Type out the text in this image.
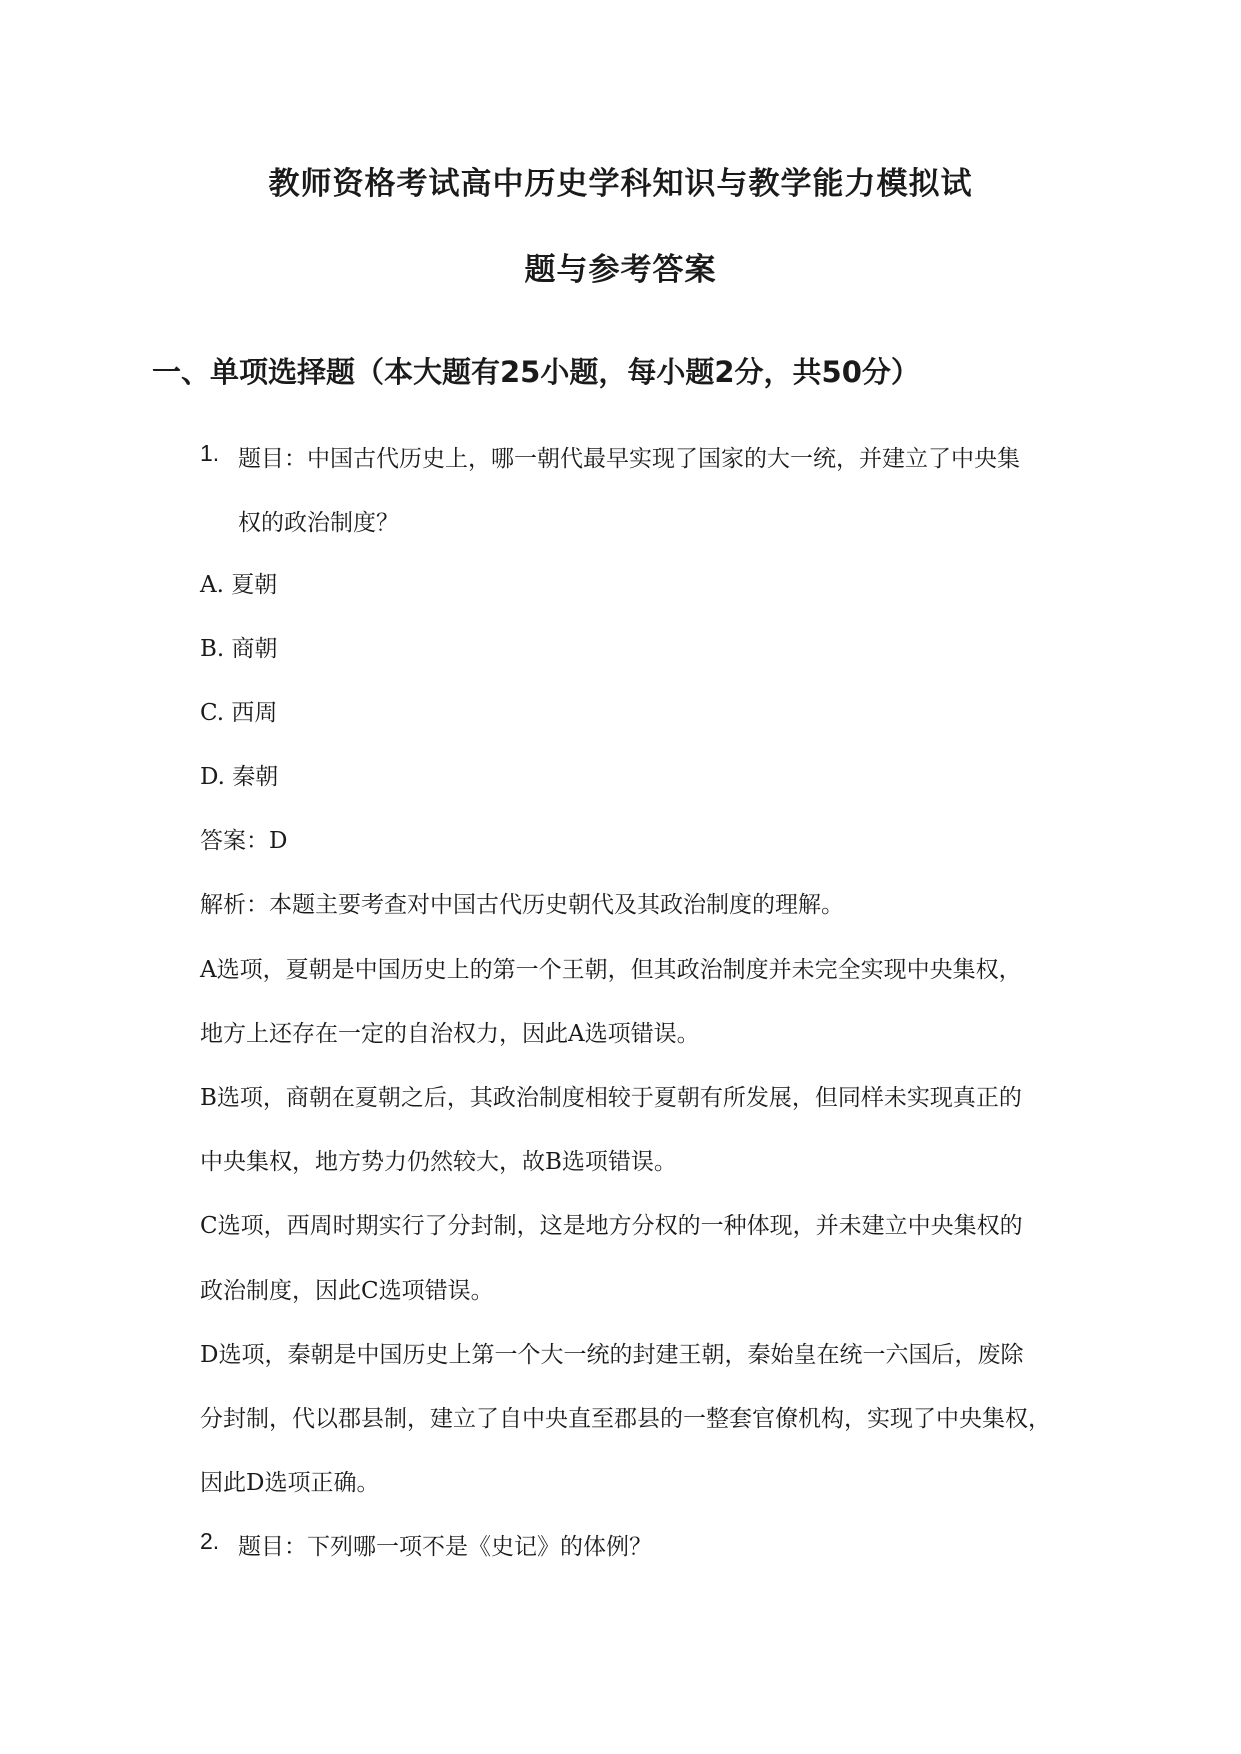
教师资格考试高中历史学科知识与教学能力模拟试
题与参考答案
一、单项选择题（本大题有25小题，每小题2分，共50分）
1. 题目：中国古代历史上，哪一朝代最早实现了国家的大一统，并建立了中央集
权的政治制度？
A. 夏朝
B. 商朝
C. 西周
D. 秦朝
答案：D
解析：本题主要考查对中国古代历史朝代及其政治制度的理解。
A选项，夏朝是中国历史上的第一个王朝，但其政治制度并未完全实现中央集权，
地方上还存在一定的自治权力，因此A选项错误。
B选项，商朝在夏朝之后，其政治制度相较于夏朝有所发展，但同样未实现真正的
中央集权，地方势力仍然较大，故B选项错误。
C选项，西周时期实行了分封制，这是地方分权的一种体现，并未建立中央集权的
政治制度，因此C选项错误。
D选项，秦朝是中国历史上第一个大一统的封建王朝，秦始皇在统一六国后，废除
分封制，代以郡县制，建立了自中央直至郡县的一整套官僚机构，实现了中央集权，
因此D选项正确。
2. 题目：下列哪一项不是《史记》的体例？
